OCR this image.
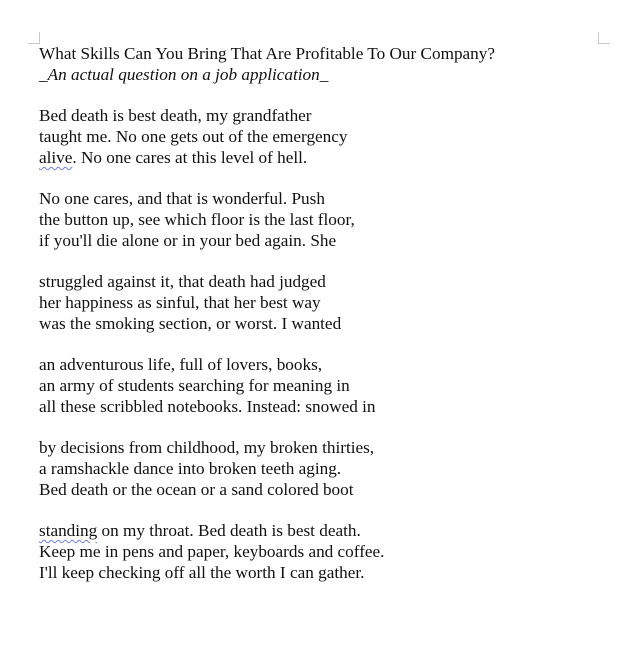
What Skills Can You Bring That Are Profitable To Our Company?
_An actual question on a job application_
Bed death is best death, my grandfather
taught me. No one gets out of the emergency
alive. No one cares at this level of hell.
No one cares, and that is wonderful. Push
the button up, see which floor is the last floor,
if you'll die alone or in your bed again. She
struggled against it, that death had judged
her happiness as sinful, that her best way
was the smoking section, or worst. I wanted
an adventurous life, full of lovers, books,
an army of students searching for meaning in
all these scribbled notebooks. Instead: snowed in
by decisions from childhood, my broken thirties,
a ramshackle dance into broken teeth aging.
Bed death or the ocean or a sand colored boot
standing on my throat. Bed death is best death.
Keep me in pens and paper, keyboards and coffee.
I'll keep checking off all the worth I can gather.
